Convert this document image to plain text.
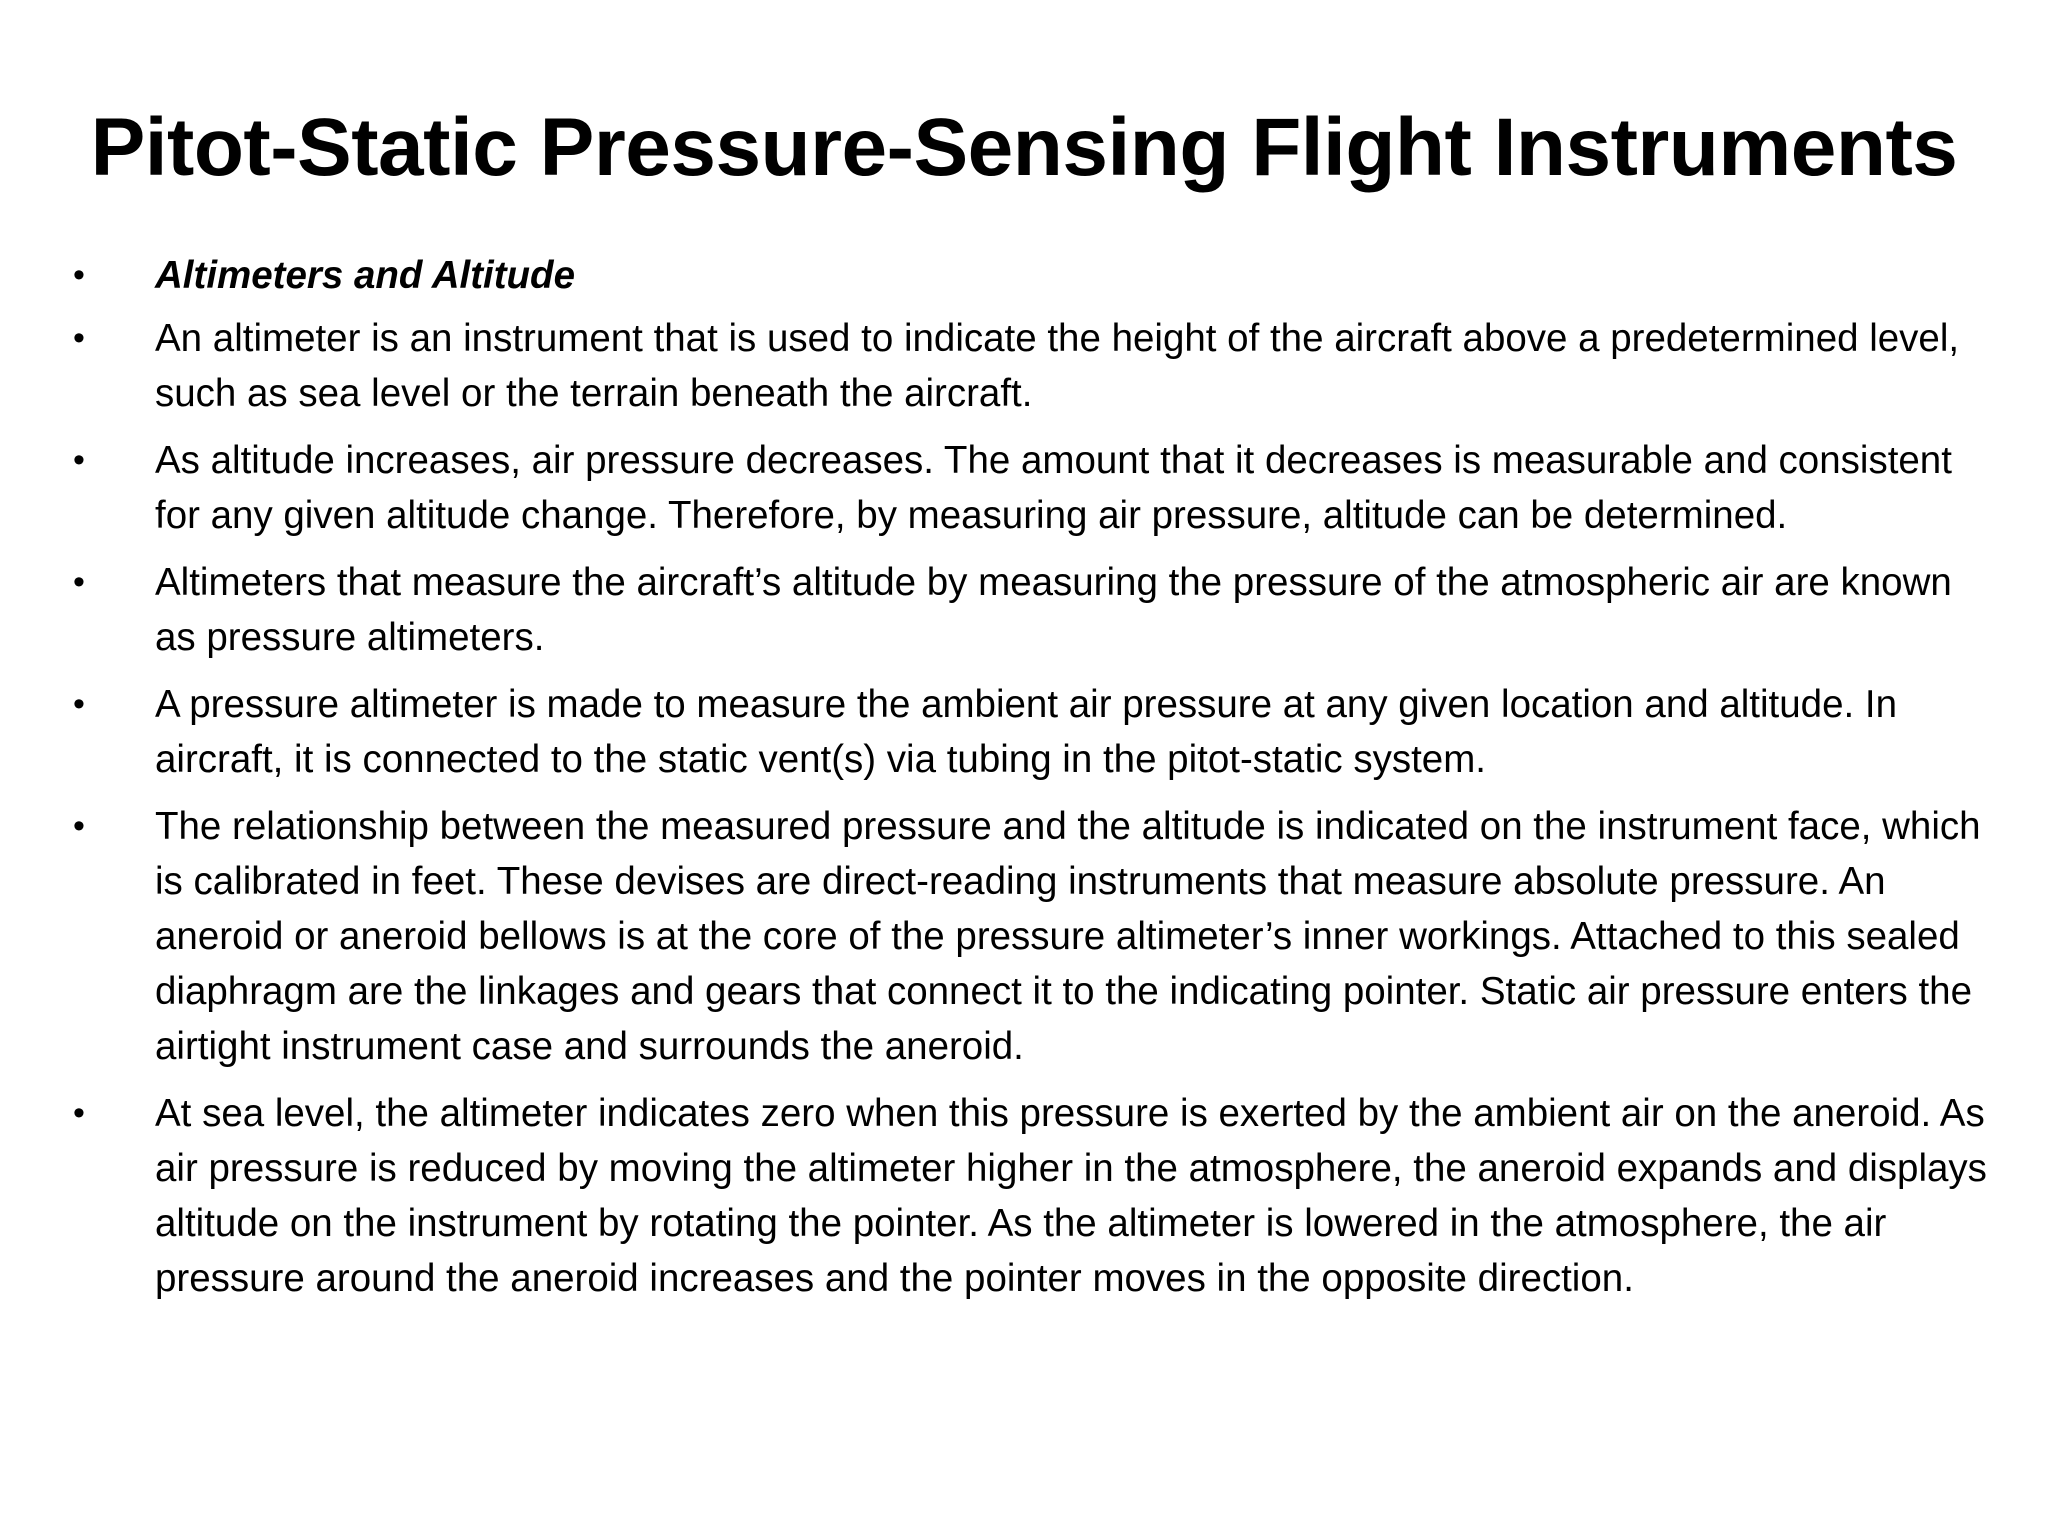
Pitot-Static Pressure-Sensing Flight Instruments
• Altimeters and Altitude
• An altimeter is an instrument that is used to indicate the height of the aircraft above a predetermined level, such as sea level or the terrain beneath the aircraft.
• As altitude increases, air pressure decreases. The amount that it decreases is measurable and consistent for any given altitude change. Therefore, by measuring air pressure, altitude can be determined.
• Altimeters that measure the aircraft’s altitude by measuring the pressure of the atmospheric air are known as pressure altimeters.
• A pressure altimeter is made to measure the ambient air pressure at any given location and altitude. In aircraft, it is connected to the static vent(s) via tubing in the pitot-static system.
• The relationship between the measured pressure and the altitude is indicated on the instrument face, which is calibrated in feet. These devises are direct-reading instruments that measure absolute pressure. An aneroid or aneroid bellows is at the core of the pressure altimeter’s inner workings. Attached to this sealed diaphragm are the linkages and gears that connect it to the indicating pointer. Static air pressure enters the airtight instrument case and surrounds the aneroid.
• At sea level, the altimeter indicates zero when this pressure is exerted by the ambient air on the aneroid. As air pressure is reduced by moving the altimeter higher in the atmosphere, the aneroid expands and displays altitude on the instrument by rotating the pointer. As the altimeter is lowered in the atmosphere, the air pressure around the aneroid increases and the pointer moves in the opposite direction.
